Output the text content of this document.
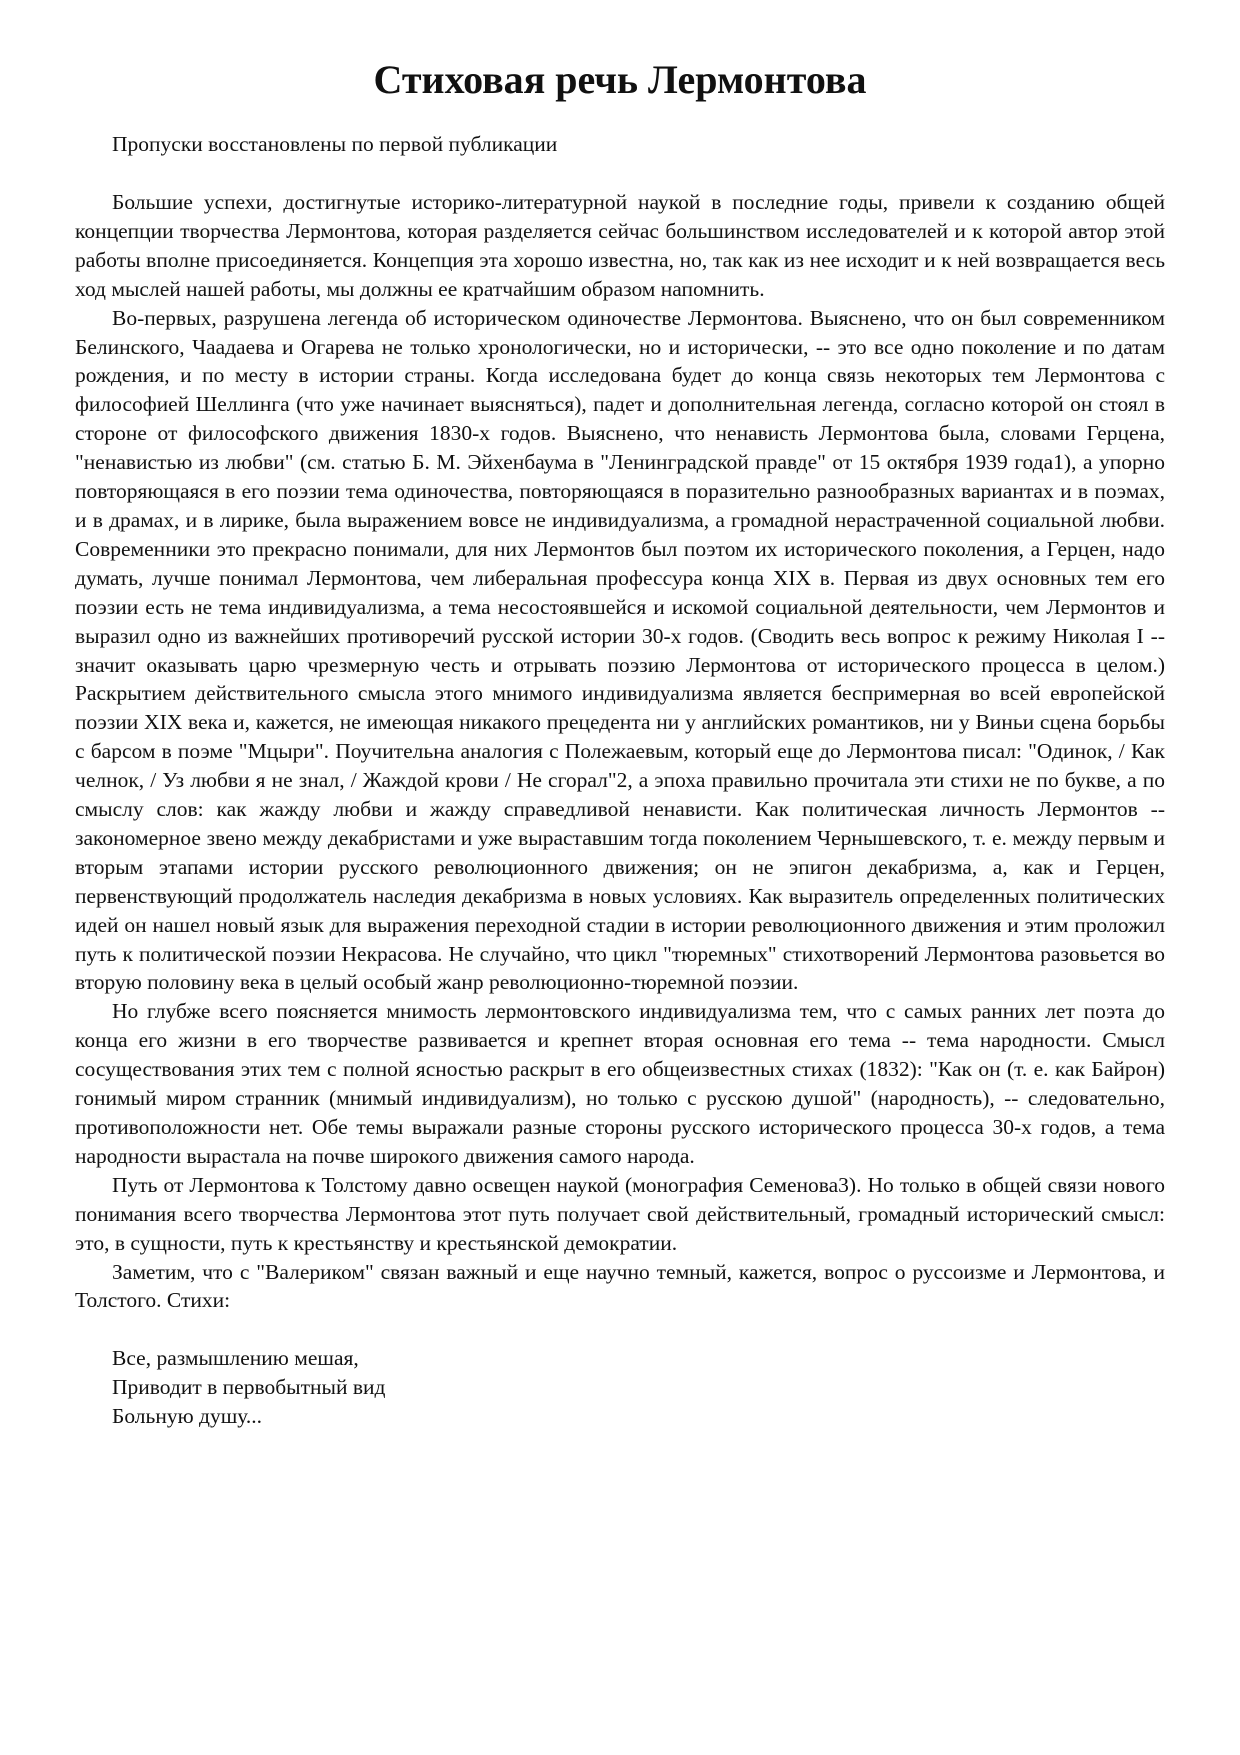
Стиховая речь Лермонтова

Пропуски восстановлены по первой публикации

Большие успехи, достигнутые историко-литературной наукой в последние годы, привели к созданию общей концепции творчества Лермонтова, которая разделяется сейчас большинством исследователей и к которой автор этой работы вполне присоединяется. Концепция эта хорошо известна, но, так как из нее исходит и к ней возвращается весь ход мыслей нашей работы, мы должны ее кратчайшим образом напомнить.

Во-первых, разрушена легенда об историческом одиночестве Лермонтова. Выяснено, что он был современником Белинского, Чаадаева и Огарева не только хронологически, но и исторически, -- это все одно поколение и по датам рождения, и по месту в истории страны. Когда исследована будет до конца связь некоторых тем Лермонтова с философией Шеллинга (что уже начинает выясняться), падет и дополнительная легенда, согласно которой он стоял в стороне от философского движения 1830-х годов. Выяснено, что ненависть Лермонтова была, словами Герцена, "ненавистью из любви" (см. статью Б. М. Эйхенбаума в "Ленинградской правде" от 15 октября 1939 года1), а упорно повторяющаяся в его поэзии тема одиночества, повторяющаяся в поразительно разнообразных вариантах и в поэмах, и в драмах, и в лирике, была выражением вовсе не индивидуализма, а громадной нерастраченной социальной любви. Современники это прекрасно понимали, для них Лермонтов был поэтом их исторического поколения, а Герцен, надо думать, лучше понимал Лермонтова, чем либеральная профессура конца XIX в. Первая из двух основных тем его поэзии есть не тема индивидуализма, а тема несостоявшейся и искомой социальной деятельности, чем Лермонтов и выразил одно из важнейших противоречий русской истории 30-х годов. (Сводить весь вопрос к режиму Николая I -- значит оказывать царю чрезмерную честь и отрывать поэзию Лермонтова от исторического процесса в целом.) Раскрытием действительного смысла этого мнимого индивидуализма является беспримерная во всей европейской поэзии XIX века и, кажется, не имеющая никакого прецедента ни у английских романтиков, ни у Виньи сцена борьбы с барсом в поэме "Мцыри". Поучительна аналогия с Полежаевым, который еще до Лермонтова писал: "Одинок, / Как челнок, / Уз любви я не знал, / Жаждой крови / Не сгорал"2, а эпоха правильно прочитала эти стихи не по букве, а по смыслу слов: как жажду любви и жажду справедливой ненависти. Как политическая личность Лермонтов -- закономерное звено между декабристами и уже выраставшим тогда поколением Чернышевского, т. е. между первым и вторым этапами истории русского революционного движения; он не эпигон декабризма, а, как и Герцен, первенствующий продолжатель наследия декабризма в новых условиях. Как выразитель определенных политических идей он нашел новый язык для выражения переходной стадии в истории революционного движения и этим проложил путь к политической поэзии Некрасова. Не случайно, что цикл "тюремных" стихотворений Лермонтова разовьется во вторую половину века в целый особый жанр революционно-тюремной поэзии.

Но глубже всего поясняется мнимость лермонтовского индивидуализма тем, что с самых ранних лет поэта до конца его жизни в его творчестве развивается и крепнет вторая основная его тема -- тема народности. Смысл сосуществования этих тем с полной ясностью раскрыт в его общеизвестных стихах (1832): "Как он (т. е. как Байрон) гонимый миром странник (мнимый индивидуализм), но только с русскою душой" (народность), -- следовательно, противоположности нет. Обе темы выражали разные стороны русского исторического процесса 30-х годов, а тема народности вырастала на почве широкого движения самого народа.

Путь от Лермонтова к Толстому давно освещен наукой (монография Семенова3). Но только в общей связи нового понимания всего творчества Лермонтова этот путь получает свой действительный, громадный исторический смысл: это, в сущности, путь к крестьянству и крестьянской демократии.

Заметим, что с "Валериком" связан важный и еще научно темный, кажется, вопрос о руссоизме и Лермонтова, и Толстого. Стихи:

Все, размышлению мешая,
Приводит в первобытный вид
Больную душу...
